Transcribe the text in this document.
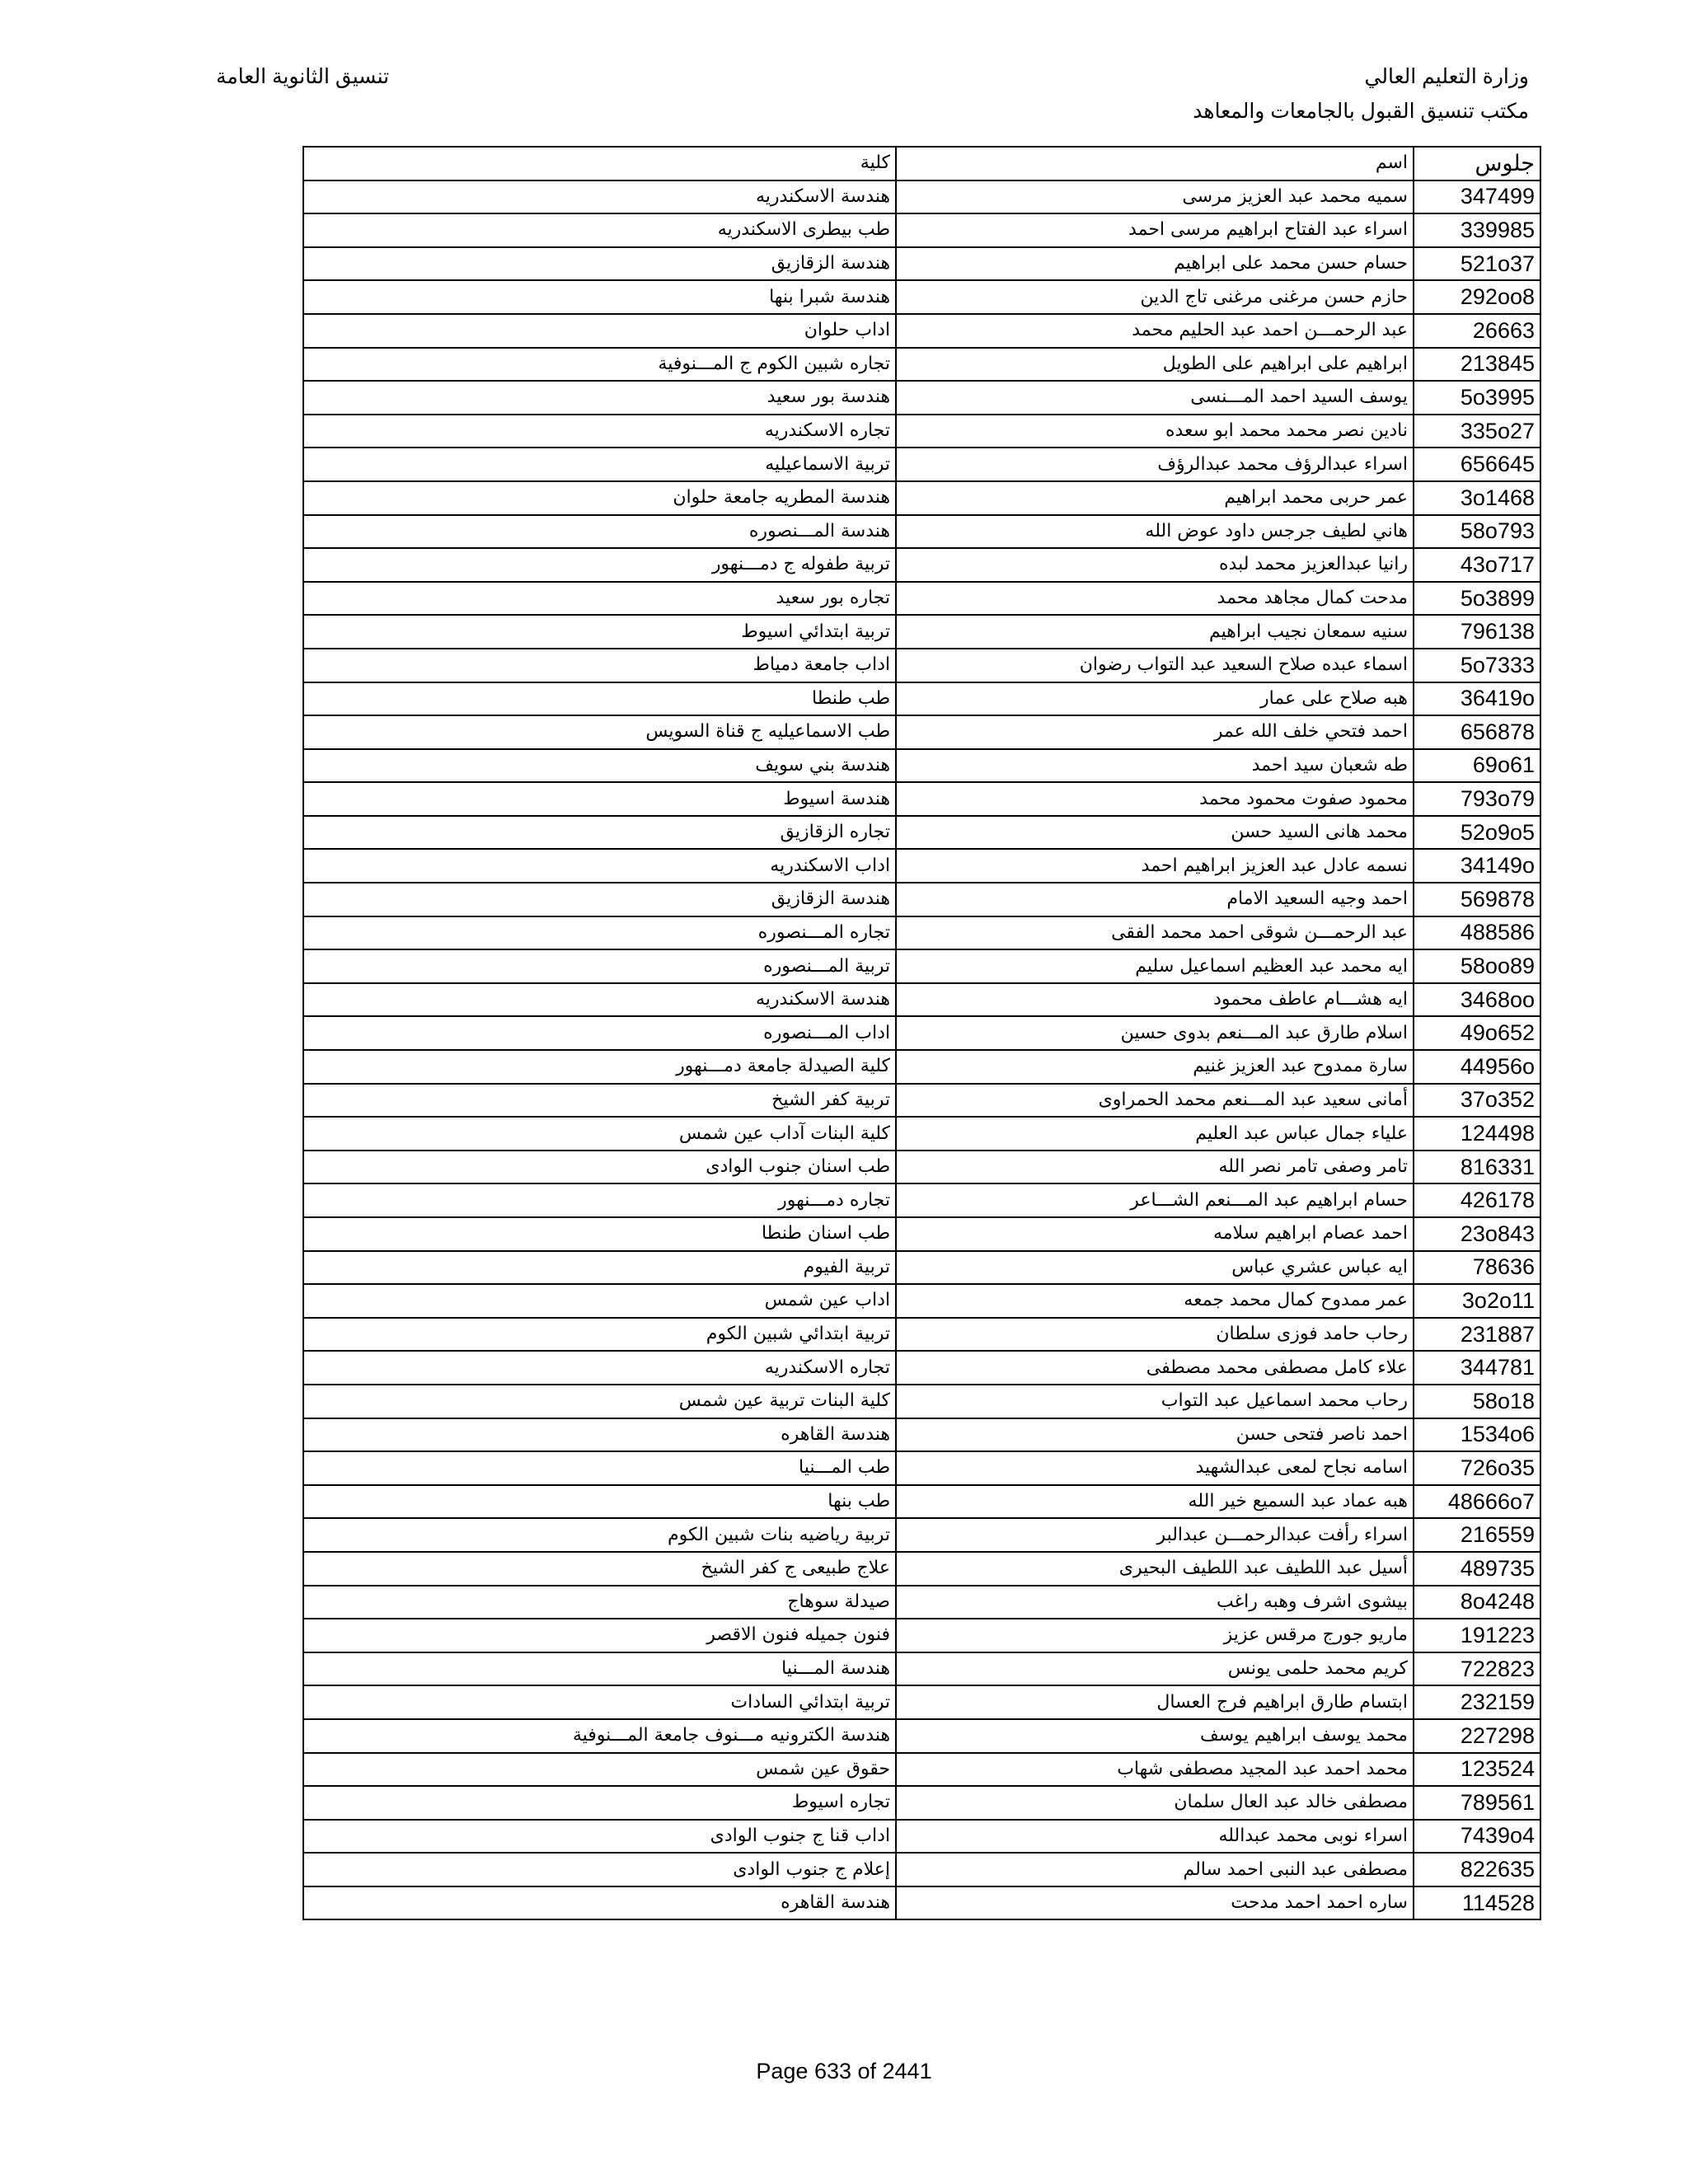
وزارة التعليم العالي
مكتب تنسيق القبول بالجامعات والمعاهد
تنسيق الثانوية العامة
جلوس	اسم	كلية
347499	سميه محمد عبد العزيز مرسى	هندسة الاسكندريه
339985	اسراء عبد الفتاح ابراهيم مرسى احمد	طب بيطرى الاسكندريه
521o37	حسام حسن محمد على ابراهيم	هندسة الزقازيق
292oo8	حازم حسن مرغنى مرغنى تاج الدين	هندسة شبرا بنها
26663	عبد الرحمـــن احمد عبد الحليم محمد	اداب حلوان
213845	ابراهيم على ابراهيم على الطويل	تجاره شبين الكوم ج المـــنوفية
5o3995	يوسف السيد احمد المـــنسى	هندسة بور سعيد
335o27	نادين نصر محمد محمد ابو سعده	تجاره الاسكندريه
656645	اسراء عبدالرؤف محمد عبدالرؤف	تربية الاسماعيليه
3o1468	عمر حربى محمد ابراهيم	هندسة المطريه جامعة حلوان
58o793	هاني لطيف جرجس داود عوض الله	هندسة المـــنصوره
43o717	رانيا عبدالعزيز محمد لبده	تربية طفوله ج دمـــنهور
5o3899	مدحت كمال مجاهد محمد	تجاره بور سعيد
796138	سنيه سمعان نجيب ابراهيم	تربية ابتدائي اسيوط
5o7333	اسماء عبده صلاح السعيد عبد التواب رضوان	اداب جامعة دمياط
36419o	هبه صلاح على عمار	طب طنطا
656878	احمد فتحي خلف الله عمر	طب الاسماعيليه ج قناة السويس
69o61	طه شعبان سيد احمد	هندسة بني سويف
793o79	محمود صفوت محمود محمد	هندسة اسيوط
52o9o5	محمد هانى السيد حسن	تجاره الزقازيق
34149o	نسمه عادل عبد العزيز ابراهيم احمد	اداب الاسكندريه
569878	احمد وجيه السعيد الامام	هندسة الزقازيق
488586	عبد الرحمـــن شوقى احمد محمد الفقى	تجاره المـــنصوره
58oo89	ايه محمد عبد العظيم اسماعيل سليم	تربية المـــنصوره
3468oo	ايه هشـــام عاطف محمود	هندسة الاسكندريه
49o652	اسلام طارق عبد المـــنعم بدوى حسين	اداب المـــنصوره
44956o	سارة ممدوح عبد العزيز غنيم	كلية الصيدلة جامعة دمـــنهور
37o352	أمانى سعيد عبد المـــنعم محمد الحمراوى	تربية كفر الشيخ
124498	علياء جمال عباس عبد العليم	كلية البنات آداب عين شمس
816331	تامر وصفى تامر نصر الله	طب اسنان جنوب الوادى
426178	حسام ابراهيم عبد المـــنعم الشـــاعر	تجاره دمـــنهور
23o843	احمد عصام ابراهيم سلامه	طب اسنان طنطا
78636	ايه عباس عشري عباس	تربية الفيوم
3o2o11	عمر ممدوح كمال محمد جمعه	اداب عين شمس
231887	رحاب حامد فوزى سلطان	تربية ابتدائي شبين الكوم
344781	علاء كامل مصطفى محمد مصطفى	تجاره الاسكندريه
58o18	رحاب محمد اسماعيل عبد التواب	كلية البنات تربية عين شمس
1534o6	احمد ناصر فتحى حسن	هندسة القاهره
726o35	اسامه نجاح لمعى عبدالشهيد	طب المـــنيا
48666o7	هبه عماد عبد السميع خير الله	طب بنها
216559	اسراء رأفت عبدالرحمـــن عبدالبر	تربية رياضيه بنات شبين الكوم
489735	أسيل عبد اللطيف عبد اللطيف البحيرى	علاج طبيعى ج كفر الشيخ
8o4248	بيشوى اشرف وهبه راغب	صيدلة سوهاج
191223	ماريو جورج مرقس عزيز	فنون جميله فنون الاقصر
722823	كريم محمد حلمى يونس	هندسة المـــنيا
232159	ابتسام طارق ابراهيم فرج العسال	تربية ابتدائي السادات
227298	محمد يوسف ابراهيم يوسف	هندسة الكترونيه مـــنوف جامعة المـــنوفية
123524	محمد احمد عبد المجيد مصطفى شهاب	حقوق عين شمس
789561	مصطفى خالد عبد العال سلمان	تجاره اسيوط
7439o4	اسراء نوبى محمد عبدالله	اداب قنا ج جنوب الوادى
822635	مصطفى عبد النبى احمد سالم	إعلام ج جنوب الوادى
114528	ساره احمد احمد مدحت	هندسة القاهره
Page 633 of 2441
